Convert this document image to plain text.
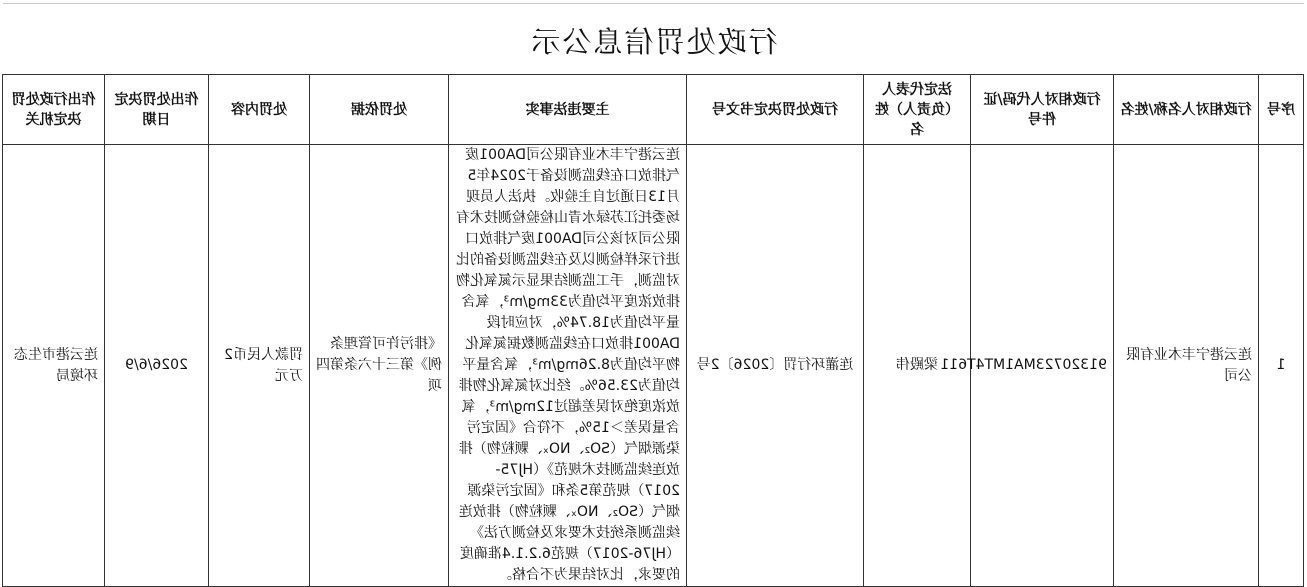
行政处罚信息公示
序号	行政相对人名称/姓名	行政相对人代码/证件号	法定代表人（负责人）姓名	行政处罚决定书文号	主要违法事实	处罚依据	处罚内容	作出处罚决定日期	作出行政处罚决定机关
1	连云港宁丰木业有限公司	91320723MA1MT4T611	梁殿伟	连灌环行罚〔2026〕2号	连云港宁丰木业有限公司DA001废气排放口在线监测设备于2024年5月13日通过自主验收。执法人员现场委托江苏绿水青山检验检测技术有限公司对该公司DA001废气排放口进行采样检测以及在线监测设备的比对监测，手工监测结果显示氮氧化物排放浓度平均值为33mg/m³，氧含量平均值为18.74%，对应时段DA001排放口在线监测数据氮氧化物平均值为8.26mg/m³，氧含量平均值为23.56%。经比对氮氧化物排放浓度绝对误差超过12mg/m³，氧含量误差＞15%，不符合《固定污染源烟气（SO₂、NOₓ、颗粒物）排放连续监测技术规范》（HJ75-2017）规范第5条和《固定污染源烟气（SO₂、NOₓ、颗粒物）排放连续监测系统技术要求及检测方法》（HJ76-2017）规范6.2.1.4准确度的要求，比对结果为不合格。	《排污许可管理条例》第三十六条第四项	罚款人民币2万元	2026/6/9	连云港市生态环境局
